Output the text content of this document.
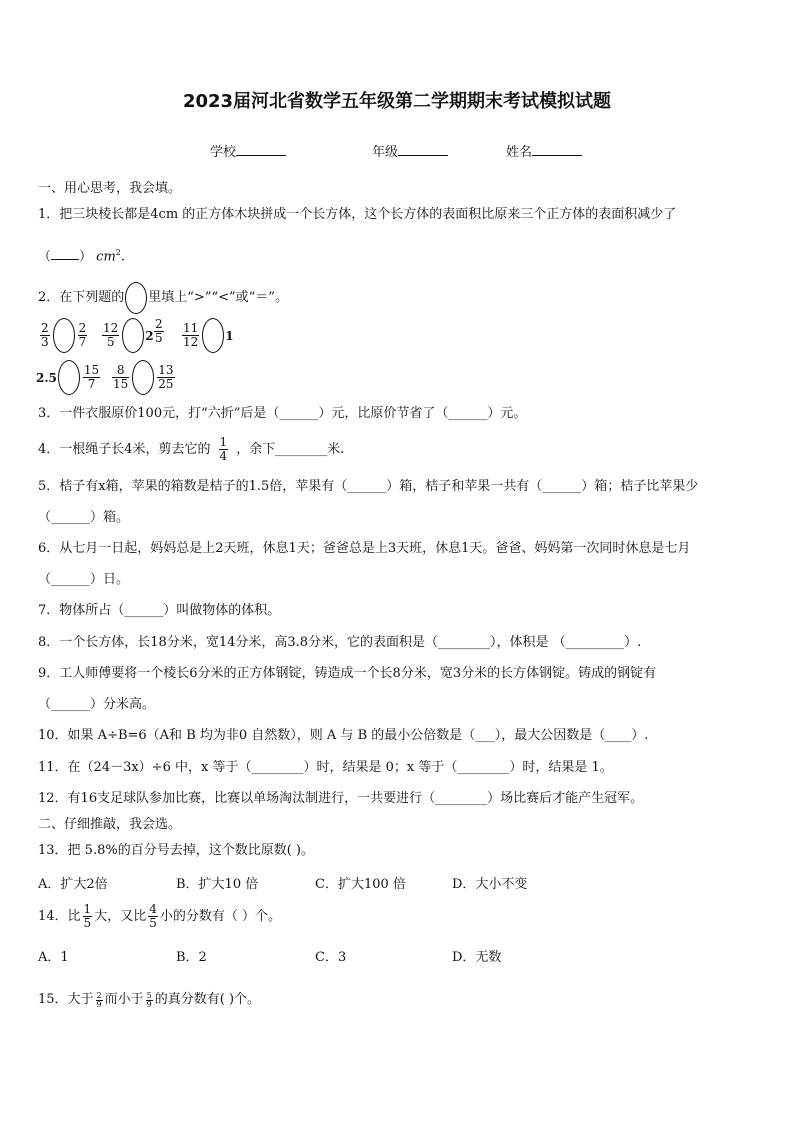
2023届河北省数学五年级第二学期期末考试模拟试题
学校	年级	姓名
一、用心思考，我会填。
1．把三块棱长都是4cm 的正方体木块拼成一个长方体，这个长方体的表面积比原来三个正方体的表面积减少了
（ ） $cm^2$.
2．在下列题的 里填上“>”“<”或“＝”。
$\frac{2}{3} \frac{2}{7} \frac{12}{5} 2 \frac{2}{5} \frac{11}{12} 1$
$2.5 \frac{15}{7} \frac{8}{15} \frac{13}{25}$
3．一件衣服原价100元，打“六折”后是（______）元，比原价节省了（______）元。
4．一根绳子长4米，剪去它的 $\frac{1}{4}$ ，余下________米.
5．桔子有x箱，苹果的箱数是桔子的1.5倍，苹果有（______）箱，桔子和苹果一共有（______）箱；桔子比苹果少
（______）箱。
6．从七月一日起，妈妈总是上2天班，休息1天；爸爸总是上3天班，休息1天。爸爸、妈妈第一次同时休息是七月
（______）日。
7．物体所占（______）叫做物体的体积。
8．一个长方体，长18分米，宽14分米，高3.8分米，它的表面积是（________），体积是 （_________）.
9．工人师傅要将一个棱长6分米的正方体钢锭，铸造成一个长8分米，宽3分米的长方体钢锭。铸成的钢锭有
（______）分米高。
10．如果 A÷B=6（A和 B 均为非0 自然数），则 A 与 B 的最小公倍数是（___），最大公因数是（____）.
11．在（24－3x）÷6 中，x 等于（________）时，结果是 0；x 等于（________）时，结果是 1。
12．有16支足球队参加比赛，比赛以单场淘汰制进行，一共要进行（________）场比赛后才能产生冠军。
二、仔细推敲，我会选。
13．把 5.8%的百分号去掉，这个数比原数( )。
A．扩大2倍	B．扩大10 倍	C．扩大100 倍	D．大小不变
14．比 $\frac{1}{5}$ 大，又比 $\frac{4}{5}$ 小的分数有（ ）个。
A．1	B．2	C．3	D．无数
15．大于 $\frac{2}{9}$ 而小于 $\frac{5}{9}$ 的真分数有( )个。
